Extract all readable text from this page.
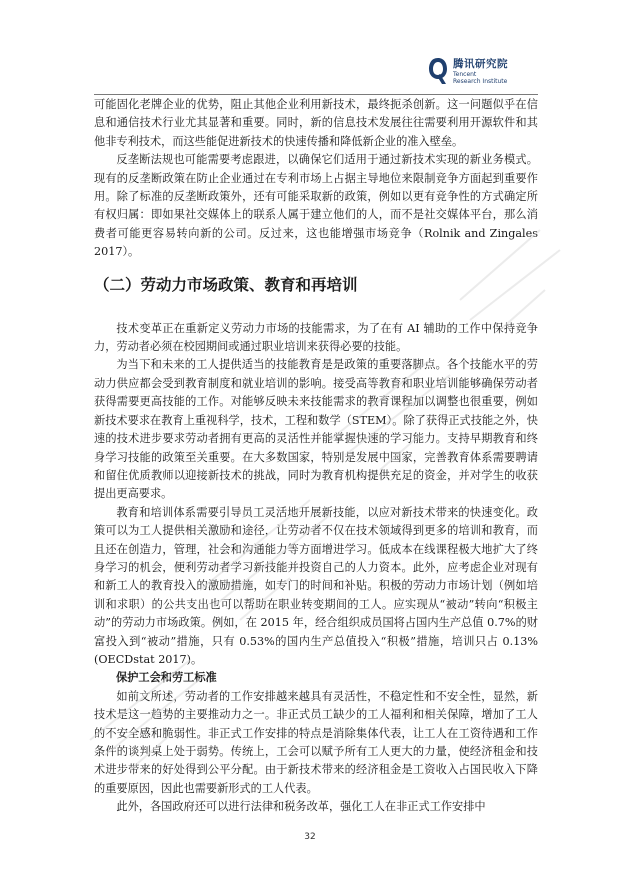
腾讯研究院
Tencent
Research Institute

可能固化老牌企业的优势，阻止其他企业利用新技术，最终扼杀创新。这一问题似乎在信息和通信技术行业尤其显著和重要。同时，新的信息技术发展往往需要利用开源软件和其他非专利技术，而这些能促进新技术的快速传播和降低新企业的准入壁垒。

反垄断法规也可能需要考虑跟进，以确保它们适用于通过新技术实现的新业务模式。现有的反垄断政策在防止企业通过在专利市场上占据主导地位来限制竞争方面起到重要作用。除了标准的反垄断政策外，还有可能采取新的政策，例如以更有竞争性的方式确定所有权归属：即如果社交媒体上的联系人属于建立他们的人，而不是社交媒体平台，那么消费者可能更容易转向新的公司。反过来，这也能增强市场竞争（Rolnik and Zingales 2017）。

（二）劳动力市场政策、教育和再培训

技术变革正在重新定义劳动力市场的技能需求，为了在有 AI 辅助的工作中保持竞争力，劳动者必须在校园期间或通过职业培训来获得必要的技能。

为当下和未来的工人提供适当的技能教育是是政策的重要落脚点。各个技能水平的劳动力供应都会受到教育制度和就业培训的影响。接受高等教育和职业培训能够确保劳动者获得需要更高技能的工作。对能够反映未来技能需求的教育课程加以调整也很重要，例如新技术要求在教育上重视科学，技术，工程和数学（STEM）。除了获得正式技能之外，快速的技术进步要求劳动者拥有更高的灵活性并能掌握快速的学习能力。支持早期教育和终身学习技能的政策至关重要。在大多数国家，特别是发展中国家，完善教育体系需要聘请和留住优质教师以迎接新技术的挑战，同时为教育机构提供充足的资金，并对学生的收获提出更高要求。

教育和培训体系需要引导员工灵活地开展新技能，以应对新技术带来的快速变化。政策可以为工人提供相关激励和途径，让劳动者不仅在技术领域得到更多的培训和教育，而且还在创造力，管理，社会和沟通能力等方面增进学习。低成本在线课程极大地扩大了终身学习的机会，便利劳动者学习新技能并投资自己的人力资本。此外，应考虑企业对现有和新工人的教育投入的激励措施，如专门的时间和补贴。积极的劳动力市场计划（例如培训和求职）的公共支出也可以帮助在职业转变期间的工人。应实现从“被动”转向“积极主动”的劳动力市场政策。例如，在 2015 年，经合组织成员国将占国内生产总值 0.7%的财富投入到“被动”措施，只有 0.53%的国内生产总值投入“积极”措施，培训只占 0.13%(OECDstat 2017)。

保护工会和劳工标准

如前文所述，劳动者的工作安排越来越具有灵活性，不稳定性和不安全性，显然，新技术是这一趋势的主要推动力之一。非正式员工缺少的工人福利和相关保障，增加了工人的不安全感和脆弱性。非正式工作安排的特点是消除集体代表，让工人在工资待遇和工作条件的谈判桌上处于弱势。传统上，工会可以赋予所有工人更大的力量，使经济租金和技术进步带来的好处得到公平分配。由于新技术带来的经济租金是工资收入占国民收入下降的重要原因，因此也需要新形式的工人代表。

此外，各国政府还可以进行法律和税务改革，强化工人在非正式工作安排中

32
